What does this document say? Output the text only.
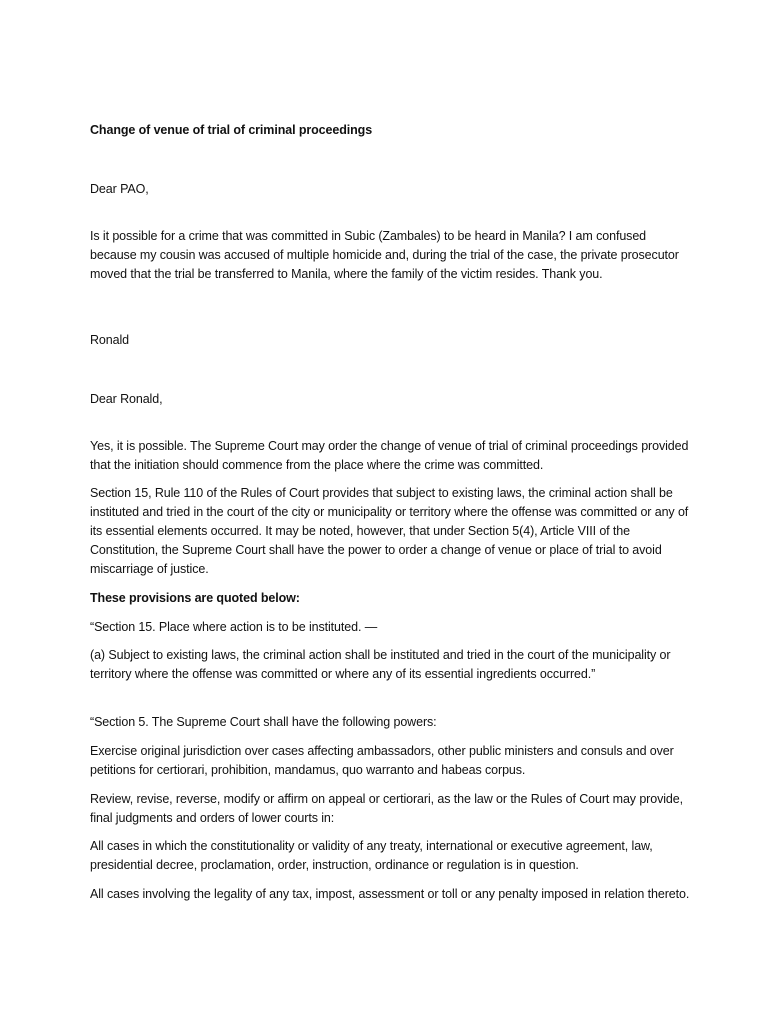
Change of venue of trial of criminal proceedings

Dear PAO,

Is it possible for a crime that was committed in Subic (Zambales) to be heard in Manila? I am confused because my cousin was accused of multiple homicide and, during the trial of the case, the private prosecutor moved that the trial be transferred to Manila, where the family of the victim resides. Thank you.

Ronald

Dear Ronald,

Yes, it is possible. The Supreme Court may order the change of venue of trial of criminal proceedings provided that the initiation should commence from the place where the crime was committed.

Section 15, Rule 110 of the Rules of Court provides that subject to existing laws, the criminal action shall be instituted and tried in the court of the city or municipality or territory where the offense was committed or any of its essential elements occurred. It may be noted, however, that under Section 5(4), Article VIII of the Constitution, the Supreme Court shall have the power to order a change of venue or place of trial to avoid miscarriage of justice.

These provisions are quoted below:

“Section 15. Place where action is to be instituted. —

(a) Subject to existing laws, the criminal action shall be instituted and tried in the court of the municipality or territory where the offense was committed or where any of its essential ingredients occurred.”

“Section 5. The Supreme Court shall have the following powers:

Exercise original jurisdiction over cases affecting ambassadors, other public ministers and consuls and over petitions for certiorari, prohibition, mandamus, quo warranto and habeas corpus.

Review, revise, reverse, modify or affirm on appeal or certiorari, as the law or the Rules of Court may provide, final judgments and orders of lower courts in:

All cases in which the constitutionality or validity of any treaty, international or executive agreement, law, presidential decree, proclamation, order, instruction, ordinance or regulation is in question.

All cases involving the legality of any tax, impost, assessment or toll or any penalty imposed in relation thereto.
